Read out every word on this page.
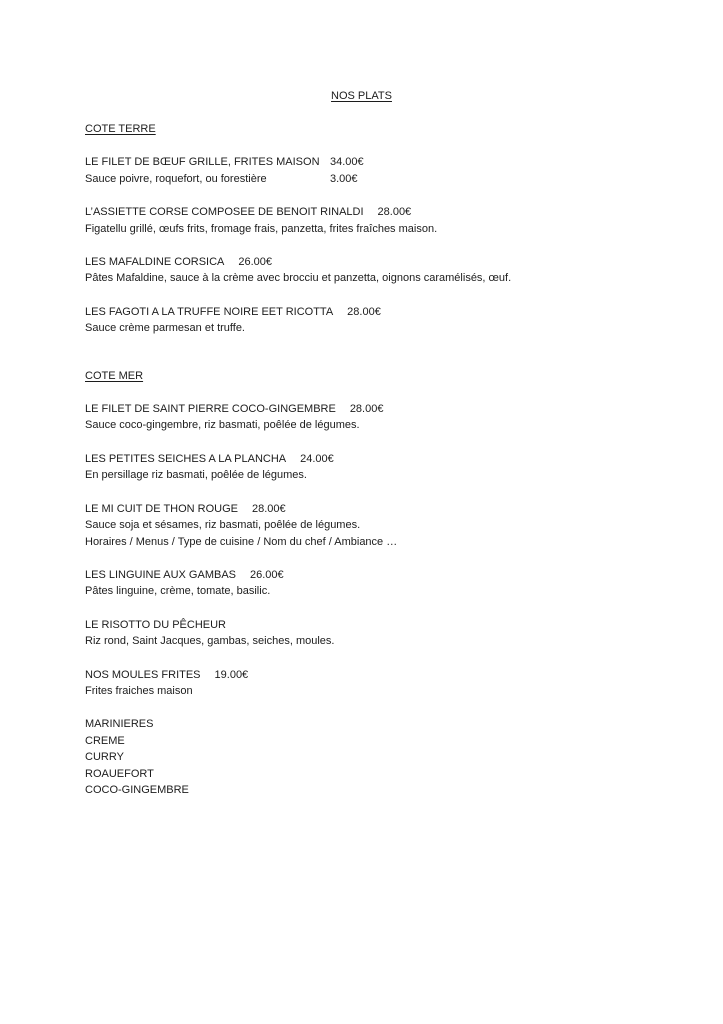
NOS PLATS
COTE TERRE
LE FILET DE BŒUF GRILLE, FRITES MAISON 34.00€
Sauce poivre, roquefort, ou forestière	3.00€
L’ASSIETTE CORSE COMPOSEE DE BENOIT RINALDI 28.00€
Figatellu grillé, œufs frits, fromage frais, panzetta, frites fraîches maison.
LES MAFALDINE CORSICA 26.00€
Pâtes Mafaldine, sauce à la crème avec brocciu et panzetta, oignons caramélisés, œuf.
LES FAGOTI A LA TRUFFE NOIRE EET RICOTTA 28.00€
Sauce crème parmesan et truffe.
COTE MER
LE FILET DE SAINT PIERRE COCO-GINGEMBRE 28.00€
Sauce coco-gingembre, riz basmati, poêlée de légumes.
LES PETITES SEICHES A LA PLANCHA 24.00€
En persillage riz basmati, poêlée de légumes.
LE MI CUIT DE THON ROUGE 28.00€
Sauce soja et sésames, riz basmati, poêlée de légumes.
Horaires / Menus / Type de cuisine / Nom du chef / Ambiance …
LES LINGUINE AUX GAMBAS 26.00€
Pâtes linguine, crème, tomate, basilic.
LE RISOTTO DU PÊCHEUR
Riz rond, Saint Jacques, gambas, seiches, moules.
NOS MOULES FRITES 19.00€
Frites fraiches maison
MARINIERES
CREME
CURRY
ROAUEFORT
COCO-GINGEMBRE
